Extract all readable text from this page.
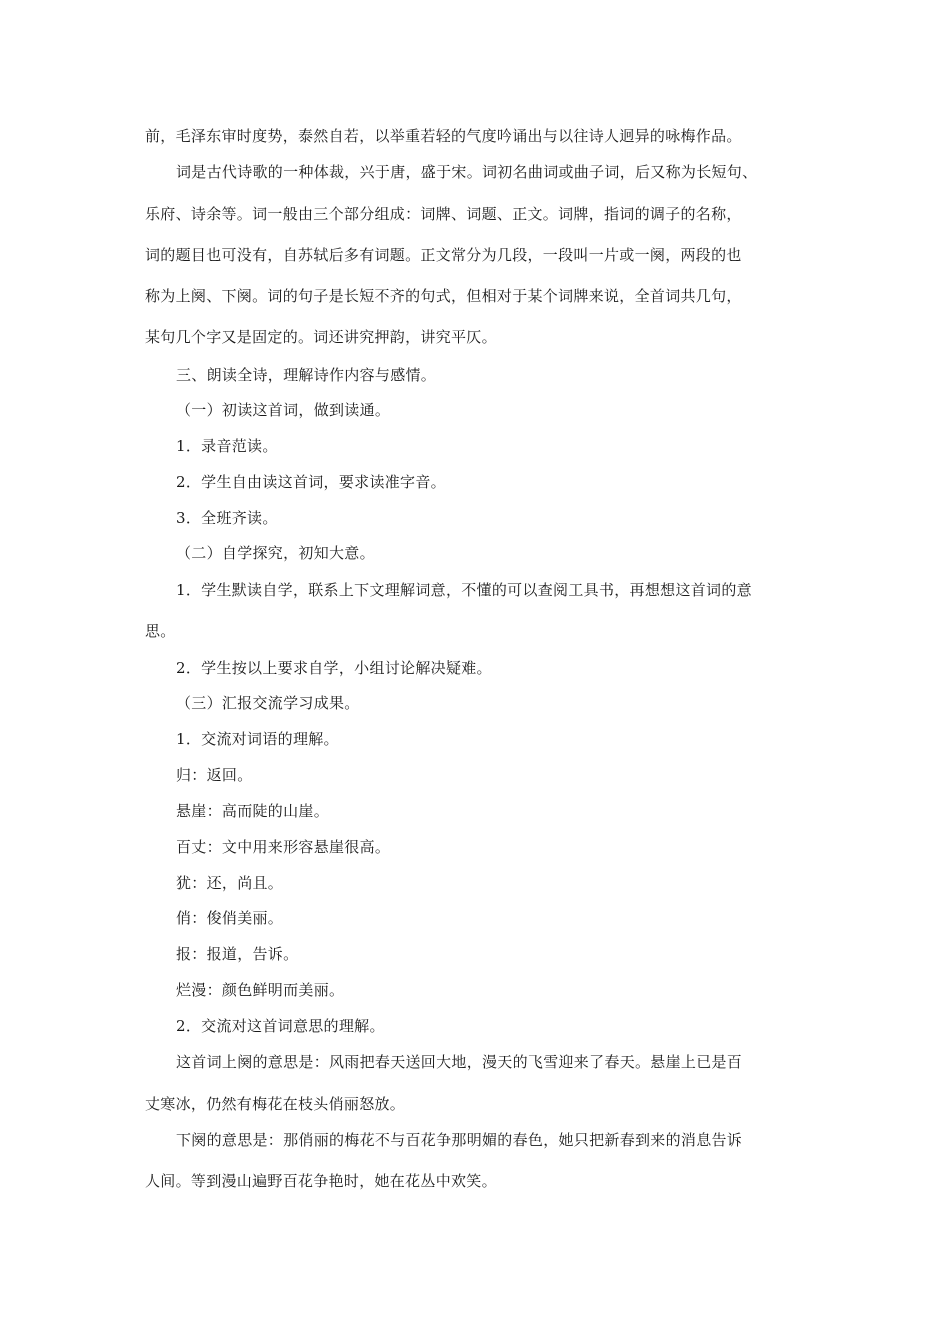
前，毛泽东审时度势，泰然自若，以举重若轻的气度吟诵出与以往诗人迥异的咏梅作品。
词是古代诗歌的一种体裁，兴于唐，盛于宋。词初名曲词或曲子词，后又称为长短句、
乐府、诗余等。词一般由三个部分组成：词牌、词题、正文。词牌，指词的调子的名称，
词的题目也可没有，自苏轼后多有词题。正文常分为几段，一段叫一片或一阕，两段的也
称为上阕、下阕。词的句子是长短不齐的句式，但相对于某个词牌来说，全首词共几句，
某句几个字又是固定的。词还讲究押韵，讲究平仄。
三、朗读全诗，理解诗作内容与感情。
（一）初读这首词，做到读通。
1．录音范读。
2．学生自由读这首词，要求读准字音。
3．全班齐读。
（二）自学探究，初知大意。
1．学生默读自学，联系上下文理解词意，不懂的可以查阅工具书，再想想这首词的意
思。
2．学生按以上要求自学，小组讨论解决疑难。
（三）汇报交流学习成果。
1．交流对词语的理解。
归：返回。
悬崖：高而陡的山崖。
百丈：文中用来形容悬崖很高。
犹：还，尚且。
俏：俊俏美丽。
报：报道，告诉。
烂漫：颜色鲜明而美丽。
2．交流对这首词意思的理解。
这首词上阕的意思是：风雨把春天送回大地，漫天的飞雪迎来了春天。悬崖上已是百
丈寒冰，仍然有梅花在枝头俏丽怒放。
下阕的意思是：那俏丽的梅花不与百花争那明媚的春色，她只把新春到来的消息告诉
人间。等到漫山遍野百花争艳时，她在花丛中欢笑。
